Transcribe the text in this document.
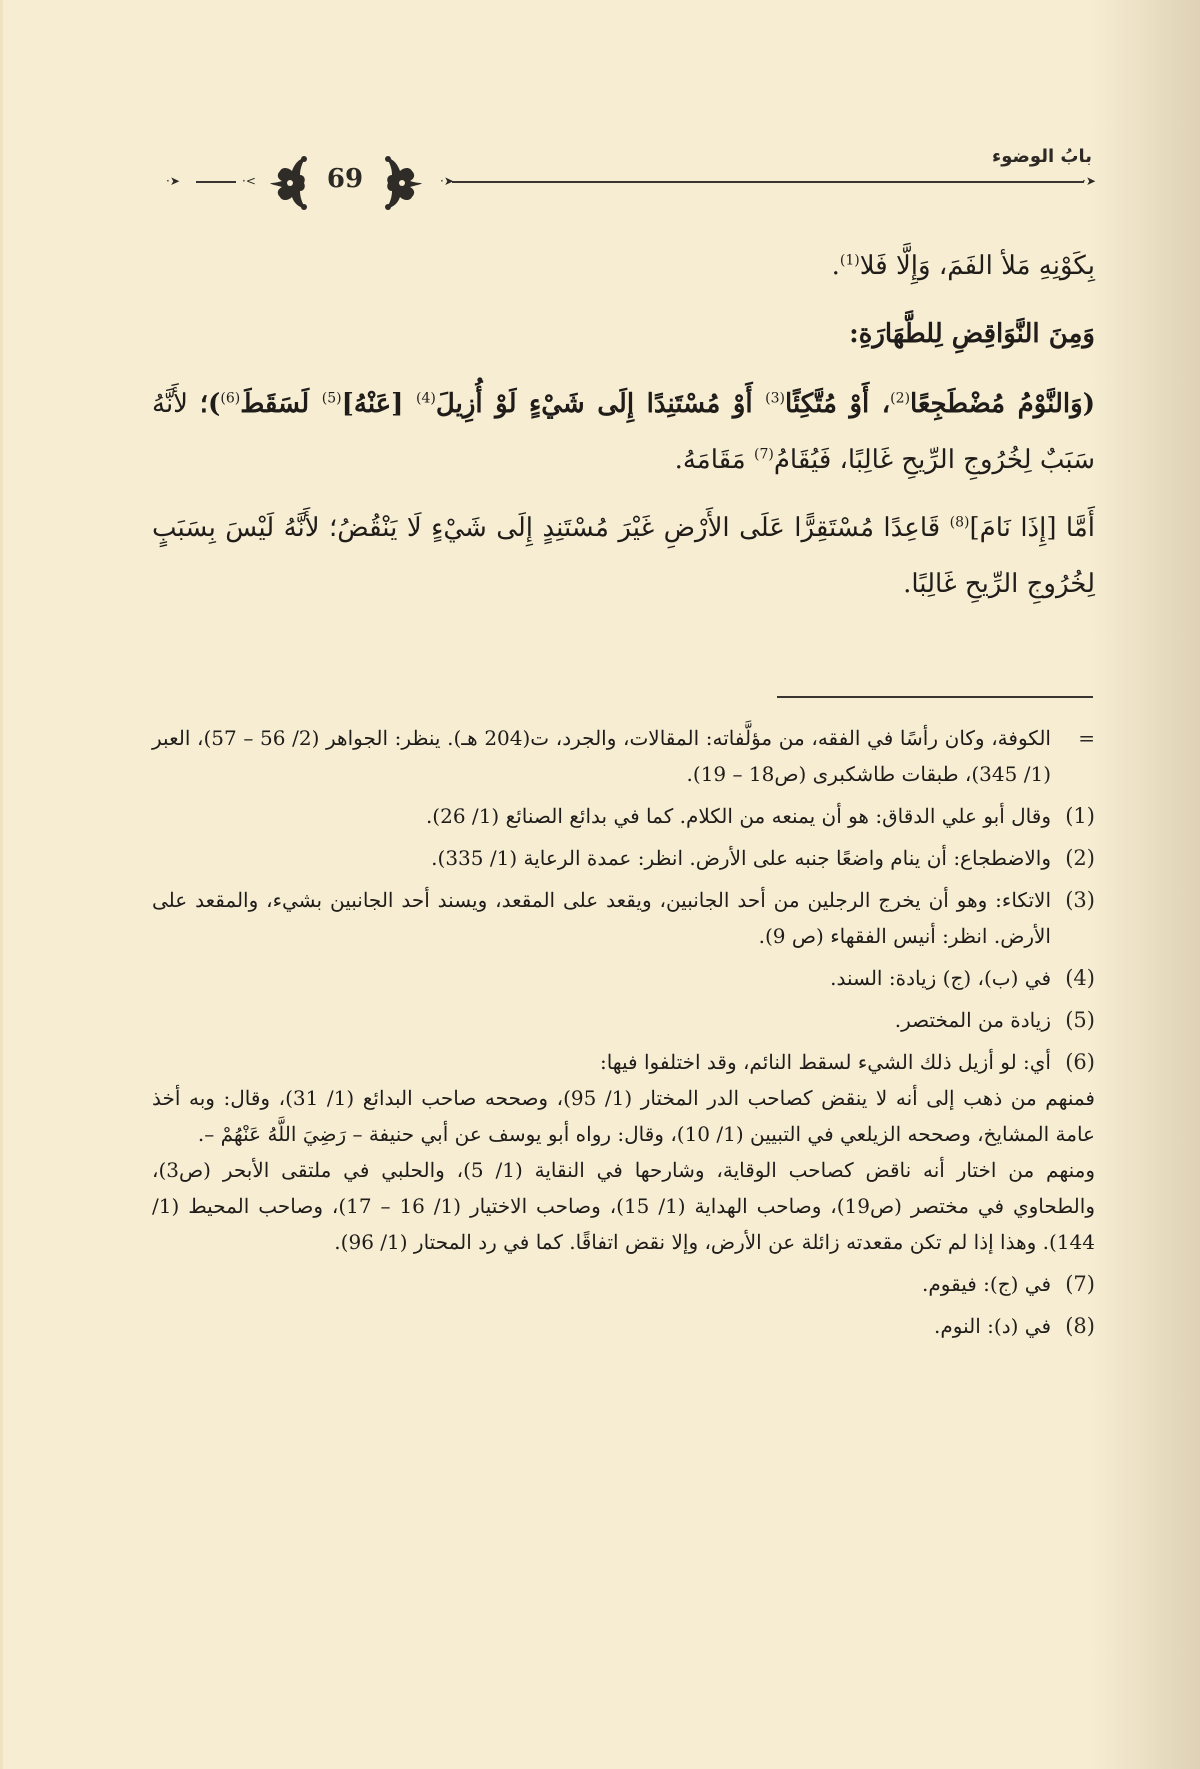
بابُ الوضوء
·➤
·➤
69
·<
·➤

بِكَوْنِهِ مَلأ الفَمَ، وَإِلَّا فَلا$^{(1)}$.

وَمِنَ النَّوَاقِضِ لِلطَّهَارَةِ:

(وَالنَّوْمُ مُضْطَجِعًا$^{(2)}$، أَوْ مُتَّكِئًا$^{(3)}$ أَوْ مُسْتَنِدًا إِلَى شَيْءٍ لَوْ أُزِيلَ$^{(4)}$ [عَنْهُ]$^{(5)}$ لَسَقَطَ$^{(6)}$)؛ لأَنَّهُ سَبَبٌ لِخُرُوجِ الرِّيحِ غَالِبًا، فَيُقَامُ$^{(7)}$ مَقَامَهُ.

أَمَّا [إِذَا نَامَ]$^{(8)}$ قَاعِدًا مُسْتَقِرًّا عَلَى الأَرْضِ غَيْرَ مُسْتَنِدٍ إِلَى شَيْءٍ لَا يَنْقُضُ؛ لأَنَّهُ لَيْسَ بِسَبَبٍ لِخُرُوجِ الرِّيحِ غَالِبًا.

=
الكوفة، وكان رأسًا في الفقه، من مؤلَّفاته: المقالات، والجرد، ت(204 هـ). ينظر: الجواهر (2/ 56 – 57)، العبر (1/ 345)، طبقات طاشكبرى (ص18 – 19).
(1)
وقال أبو علي الدقاق: هو أن يمنعه من الكلام. كما في بدائع الصنائع (1/ 26).
(2)
والاضطجاع: أن ينام واضعًا جنبه على الأرض. انظر: عمدة الرعاية (1/ 335).
(3)
الاتكاء: وهو أن يخرج الرجلين من أحد الجانبين، ويقعد على المقعد، ويسند أحد الجانبين بشيء، والمقعد على الأرض. انظر: أنيس الفقهاء (ص 9).
(4)
في (ب)، (ج) زيادة: السند.
(5)
زيادة من المختصر.
(6)

أي: لو أزيل ذلك الشيء لسقط النائم، وقد اختلفوا فيها:

فمنهم من ذهب إلى أنه لا ينقض كصاحب الدر المختار (1/ 95)، وصححه صاحب البدائع (1/ 31)، وقال: وبه أخذ عامة المشايخ، وصححه الزيلعي في التبيين (1/ 10)، وقال: رواه أبو يوسف عن أبي حنيفة – رَضِيَ اللَّهُ عَنْهُمْ –.

ومنهم من اختار أنه ناقض كصاحب الوقاية، وشارحها في النقاية (1/ 5)، والحلبي في ملتقى الأبحر (ص3)، والطحاوي في مختصر (ص19)، وصاحب الهداية (1/ 15)، وصاحب الاختيار (1/ 16 – 17)، وصاحب المحيط (1/ 144). وهذا إذا لم تكن مقعدته زائلة عن الأرض، وإلا نقض اتفاقًا. كما في رد المحتار (1/ 96).

(7)
في (ج): فيقوم.
(8)
في (د): النوم.
